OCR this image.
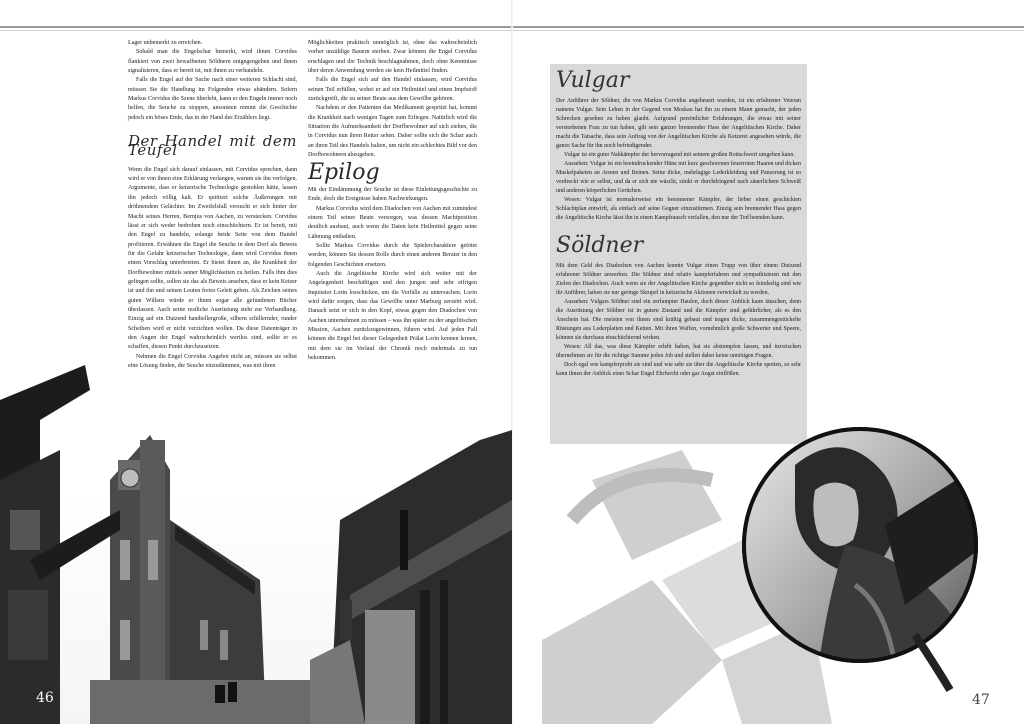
Lager unbemerkt zu erreichen.

Sobald man die Engelschar bemerkt, wird ihnen Corvidus flankiert von zwei bewaffneten Söldnern entgegengehen und ihnen signalisieren, dass er bereit ist, mit ihnen zu verhandeln.

Falls die Engel auf der Suche nach einer weiteren Schlacht sind, müssen Sie die Handlung im Folgenden etwas abändern. Sofern Markus Corvidus die Szene überlebt, kann er den Engeln immer noch helfen, die Seuche zu stoppen, ansonsten nimmt die Geschichte jedoch ein böses Ende, das in der Hand des Erzählers liegt.

Der Handel mit dem Teufel

Wenn die Engel sich darauf einlassen, mit Corvidus sprechen, dann wird er von ihnen eine Erklärung verlangen, warum sie ihn verfolgen. Argumente, dass er ketzerische Technologie gestohlen hätte, lassen ihn jedoch völlig kalt. Er quittiert solche Äußerungen mit dröhnendem Gelächter. Im Zweifelsfall versucht er sich hinter der Macht seines Herren, Bernjus von Aachen, zu verstecken. Corvidus lässt er sich weder bedrohen noch einschüchtern. Er ist bereit, mit den Engel zu handeln, solange beide Seite von dem Handel profitieren. Erwähnen die Engel die Seuche in dem Dorf als Beweis für die Gefahr ketzerischer Technologie, dann wird Corvidus ihnen einen Vorschlag unterbreiten. Er bietet ihnen an, die Krankheit der Dorfbewohner mittels seiner Möglichkeiten zu heilen. Falls ihm dies gelingen sollte, sollen sie das als Beweis ansehen, dass er kein Ketzer ist und ihn und seinen Leuten freies Geleit geben. Als Zeichen seines guten Willens würde er ihnen sogar alle gefundenen Bücher überlassen. Auch seine restliche Ausrüstung steht zur Verhandlung. Einzig auf ein Dutzend handtellergroße, silbern schillernder, runder Scheiben wird er nicht verzichten wollen. Da diese Datenträger in den Augen der Engel wahrscheinlich wertlos sind, sollte er es schaffen, diesen Punkt durchzusetzen.

Nehmen die Engel Corvidus Angebot nicht an, müssen sie selbst eine Lösung finden, die Seuche einzudämmen, was mit ihren

Möglichkeiten praktisch unmöglich ist, ohne das wahrscheinlich vorher unzählige Bauern sterben. Zwar können die Engel Corvidus erschlagen und die Technik beschlagnahmen, doch ohne Kenntnisse über deren Anwendung werden sie kein Heilmittel finden.

Falls die Engel sich auf den Handel einlassen, wird Corvidus seinen Teil erfüllen, wobei er auf ein Heilmittel und einen Impfstoff zurückgreift, die zu seiner Beute aus dem Gewölbe gehören.

Nachdem er den Patienten das Medikament gespritzt hat, kommt die Krankheit nach wenigen Tagen zum Erliegen. Natürlich wird die Situation die Aufmerksamkeit der Dorfbewohner auf sich ziehen, die in Corvidus nun ihren Retter sehen. Daher sollte sich die Schar auch an ihren Teil des Handels halten, um nicht ein schlechtes Bild vor den Dorfbewohnern abzugeben.

Epilog

Mit der Eindämmung der Seuche ist diese Einleitungsgeschichte zu Ende, doch die Ereignisse haben Nachwirkungen.

Markus Corvidus wird dem Diadochen von Aachen mit zumindest einem Teil seiner Beute versorgen, was dessen Machtposition deutlich ausbaut, auch wenn die Daten kein Heilmittel gegen seine Lähmung enthalten.

Sollte Markus Corvidus durch die Spielercharaktere getötet werden, können Sie dessen Rolle durch einen anderen Berater in den folgenden Geschichten ersetzen.

Auch die Angelitische Kirche wird sich weiter mit der Angelegenheit beschäftigen und den jungen und sehr eifrigen Inquisitor Lorin losschicken, um die Vorfälle zu untersuchen. Lorin wird dafür sorgen, dass das Gewölbe unter Marburg zerstört wird. Danach setzt er sich in den Kopf, etwas gegen den Diadochen von Aachen unternehmen zu müssen – was ihn später zu der angelitischen Mission, Aachen zurückzugewinnen, führen wird. Auf jeden Fall können die Engel bei dieser Gelegenheit Prälat Lorin kennen lernen, mit dem sie im Verlauf der Chronik noch mehrmals zu tun bekommen.

46
Vulgar

Der Anführer der Söldner, die von Markus Corvidus angeheuert wurden, ist ein erfahrener Veteran namens Vulgar. Sein Leben in der Gegend von Moskau hat ihn zu einem Mann gemacht, der jeden Schrecken gesehen zu haben glaubt. Aufgrund persönlicher Erfahrungen, die etwas mit seiner verstorbenen Frau zu tun haben, gilt sein ganzer brennender Hass der Angelitischen Kirche. Daher macht die Tatsache, dass sein Auftrag von der Angelitischen Kirche als Ketzerei angesehen würde, die ganze Sache für ihn noch befriedigender.

Vulgar ist ein guter Nahkämpfer der hervorragend mit seinem großen Rottschwert umgehen kann.

Aussehen: Vulgar ist ein beeindruckender Hüne mit kurz geschorenen feuerroten Haaren und dicken Muskelpaketen an Armen und Beinen. Seine dicke, mehrlagige Lederkleidung und Panzerung ist so verdreckt wie er selbst, und da er sich nie wäscht, stinkt er durchdringend nach säuerlichem Schweiß und anderen körperlichen Gerüchen.

Wesen: Vulgar ist normalerweise ein besonnener Kämpfer, der lieber einen geschickten Schlachtplan entwirft, als einfach auf seine Gegner einzustürmen. Einzig sein brennender Hass gegen die Angelitische Kirche lässt ihn in einen Kampfrausch verfallen, den nur der Tod beenden kann.

Söldner

Mit dem Geld des Diadochen von Aachen konnte Vulgar einen Trupp von über einem Dutzend erfahrener Söldner anwerben. Die Söldner sind relativ kampferfahren und sympathisieren mit den Zielen des Diadochen. Auch wenn sie der Angelitischen Kirche gegenüber nicht so feindselig sind wie ihr Anführer, haben sie nur geringe Skrupel in ketzerische Aktionen verwickelt zu werden.

Aussehen: Vulgars Söldner sind ein zerlumpter Haufen, doch dieser Anblick kann täuschen, denn die Ausrüstung der Söldner ist in gutem Zustand und die Kämpfer sind gefährlicher, als es den Anschein hat. Die meisten von ihnen sind kräftig gebaut und tragen dicke, zusammengestückelte Rüstungen aus Lederplatten und Ketten. Mit ihren Waffen, vornehmlich große Schwerter und Speere, können sie durchaus einschüchternd wirken.

Wesen: All das, was diese Kämpfer erlebt haben, hat sie abstumpfen lassen, und inzwischen übernehmen sie für die richtige Summe jeden Job und stellen dabei keine unnötigen Fragen.

Doch egal wie kampferprobt sie sind und wie sehr sie über die Angelitische Kirche spotten, so sehr kann ihnen der Anblick einer Schar Engel Ehrfurcht oder gar Angst einflößen.

47
